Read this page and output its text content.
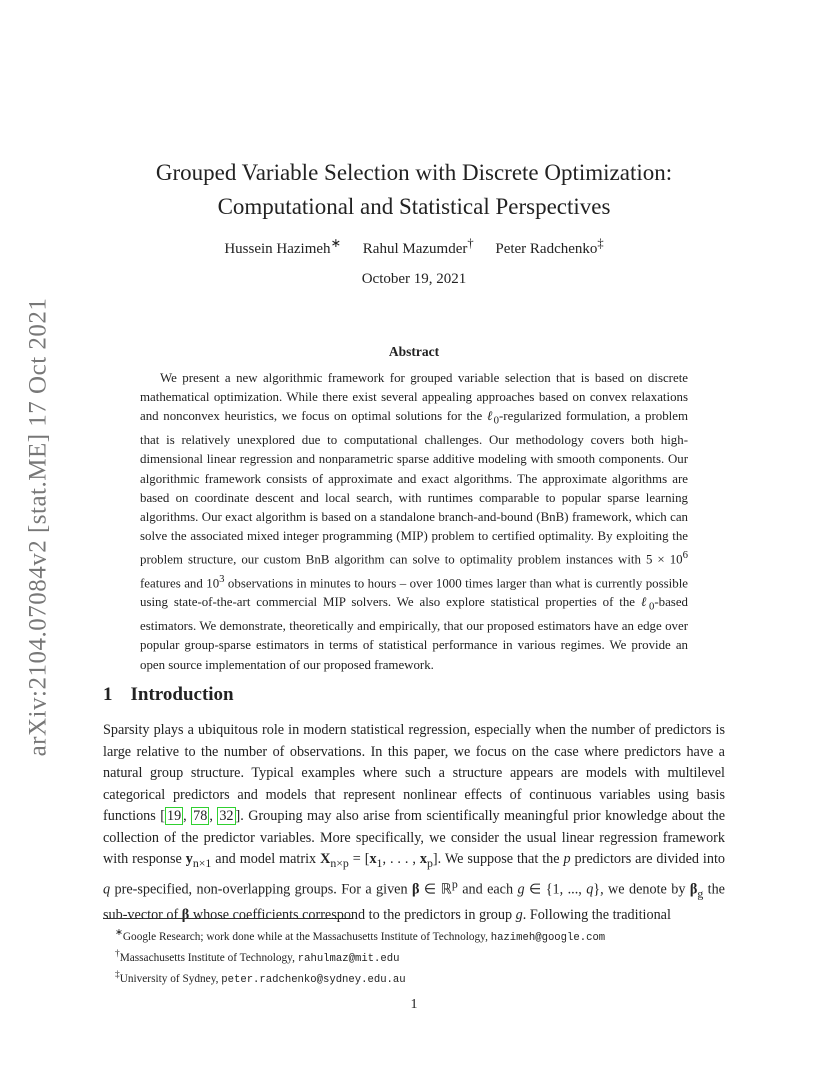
arXiv:2104.07084v2 [stat.ME] 17 Oct 2021
Grouped Variable Selection with Discrete Optimization:
Computational and Statistical Perspectives
Hussein Hazimeh∗ Rahul Mazumder† Peter Radchenko‡
October 19, 2021
Abstract

We present a new algorithmic framework for grouped variable selection that is based on discrete mathematical optimization. While there exist several appealing approaches based on convex relaxations and nonconvex heuristics, we focus on optimal solutions for the ℓ$_0$-regularized formulation, a problem that is relatively unexplored due to computational challenges. Our methodology covers both high-dimensional linear regression and nonparametric sparse additive modeling with smooth components. Our algorithmic framework consists of approximate and exact algorithms. The approximate algorithms are based on coordinate descent and local search, with runtimes comparable to popular sparse learning algorithms. Our exact algorithm is based on a standalone branch-and-bound (BnB) framework, which can solve the associated mixed integer programming (MIP) problem to certified optimality. By exploiting the problem structure, our custom BnB algorithm can solve to optimality problem instances with $5 \times 10^6$ features and $10^3$ observations in minutes to hours – over 1000 times larger than what is currently possible using state-of-the-art commercial MIP solvers. We also explore statistical properties of the ℓ$_0$-based estimators. We demonstrate, theoretically and empirically, that our proposed estimators have an edge over popular group-sparse estimators in terms of statistical performance in various regimes. We provide an open source implementation of our proposed framework.

1 Introduction

Sparsity plays a ubiquitous role in modern statistical regression, especially when the number of predictors is large relative to the number of observations. In this paper, we focus on the case where predictors have a natural group structure. Typical examples where such a structure appears are models with multilevel categorical predictors and models that represent nonlinear effects of continuous variables using basis functions [ 19 , 78 , 32 ]. Grouping may also arise from scientifically meaningful prior knowledge about the collection of the predictor variables. More specifically, we consider the usual linear regression framework with response $y_{n\times 1}$ and model matrix $X_{n\times p} = [x_1$, . . . , $x_p$]. We suppose that the p predictors are divided into q pre-specified, non-overlapping groups. For a given β ∈ ℝ$^p$ and each g ∈ {1, ..., q}, we denote by $\beta_g$ the sub-vector of β whose coefficients correspond to the predictors in group g. Following the traditional

∗Google Research; work done while at the Massachusetts Institute of Technology, hazimeh@google.com
†Massachusetts Institute of Technology, rahulmaz@mit.edu
‡University of Sydney, peter.radchenko@sydney.edu.au
1
